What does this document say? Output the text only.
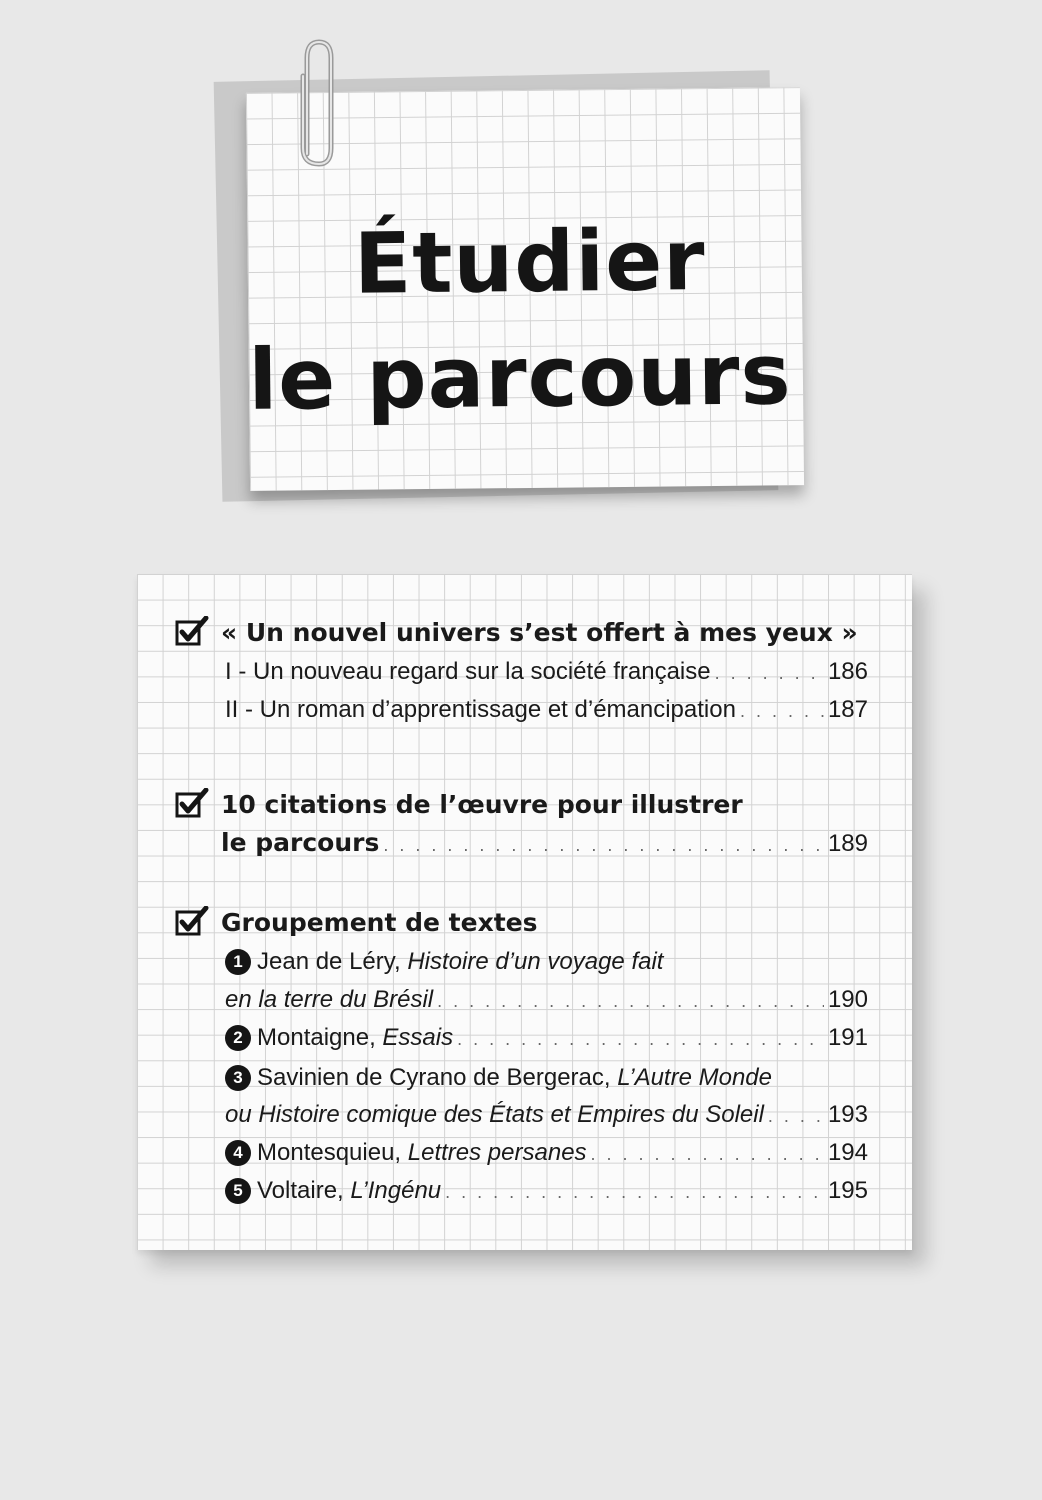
Étudier
le parcours
« Un nouvel univers s’est offert à mes yeux »
I - Un nouveau regard sur la société française . . .	186
II - Un roman d’apprentissage et d’émancipation . . .	187
10 citations de l’œuvre pour illustrer
le parcours . . .	189
Groupement de textes
1 Jean de Léry, Histoire d’un voyage fait
en la terre du Brésil . . .	190
2 Montaigne, Essais . . .	191
3 Savinien de Cyrano de Bergerac, L’Autre Monde
ou Histoire comique des États et Empires du Soleil . . .	193
4 Montesquieu, Lettres persanes . . .	194
5 Voltaire, L’Ingénu . . .	195
